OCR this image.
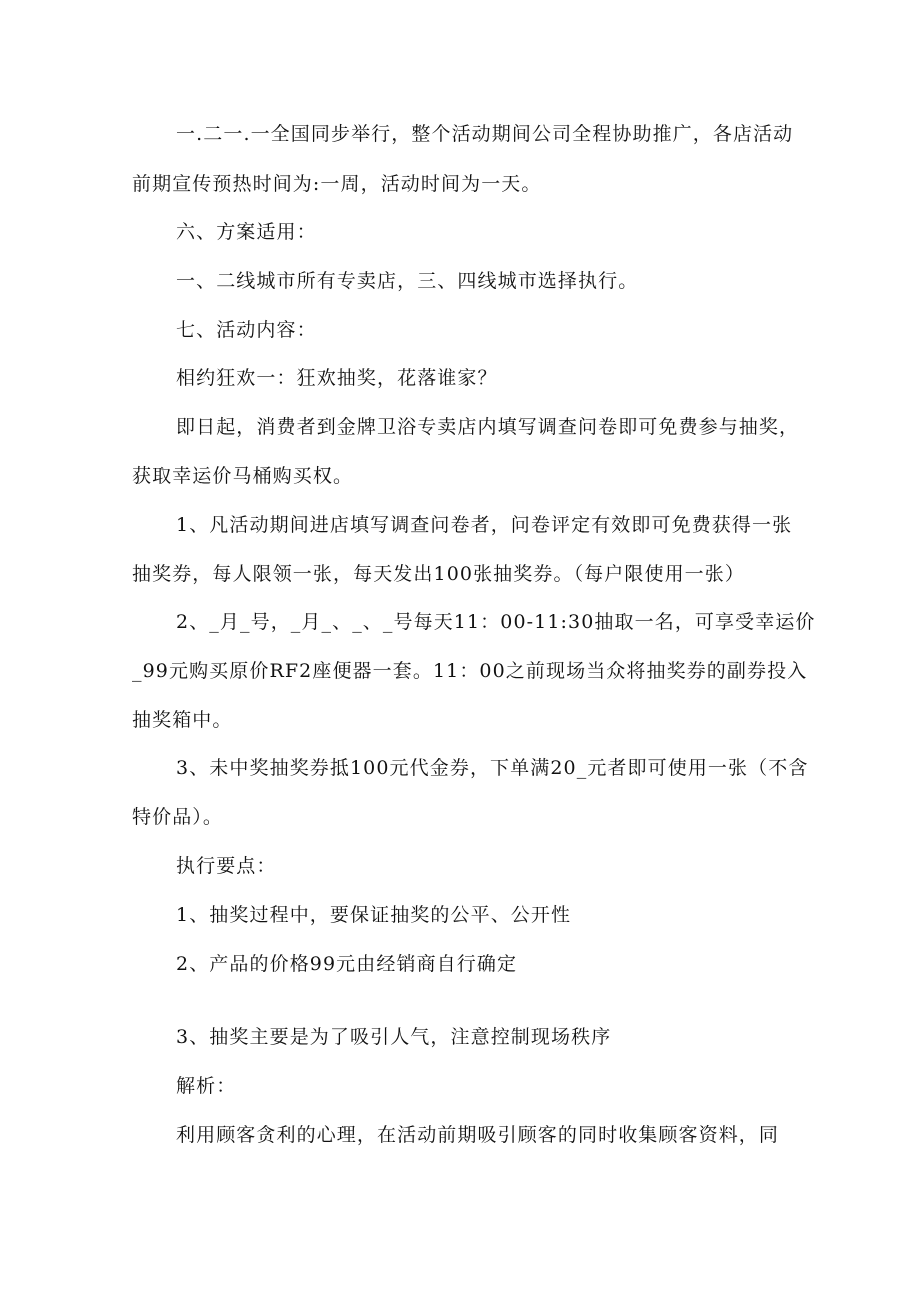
一.二一.一全国同步举行，整个活动期间公司全程协助推广，各店活动

前期宣传预热时间为:一周，活动时间为一天。

六、方案适用：

一、二线城市所有专卖店，三、四线城市选择执行。

七、活动内容：

相约狂欢一：狂欢抽奖，花落谁家？

即日起，消费者到金牌卫浴专卖店内填写调查问卷即可免费参与抽奖，

获取幸运价马桶购买权。

1、凡活动期间进店填写调查问卷者，问卷评定有效即可免费获得一张

抽奖券，每人限领一张，每天发出100张抽奖券。（每户限使用一张）

2、_月_号，_月_、_、_号每天11：00-11:30抽取一名，可享受幸运价

_99元购买原价RF2座便器一套。11：00之前现场当众将抽奖券的副券投入

抽奖箱中。

3、未中奖抽奖券抵100元代金券，下单满20_元者即可使用一张（不含

特价品）。

执行要点：

1、抽奖过程中，要保证抽奖的公平、公开性

2、产品的价格99元由经销商自行确定

3、抽奖主要是为了吸引人气，注意控制现场秩序

解析：

利用顾客贪利的心理，在活动前期吸引顾客的同时收集顾客资料，同
